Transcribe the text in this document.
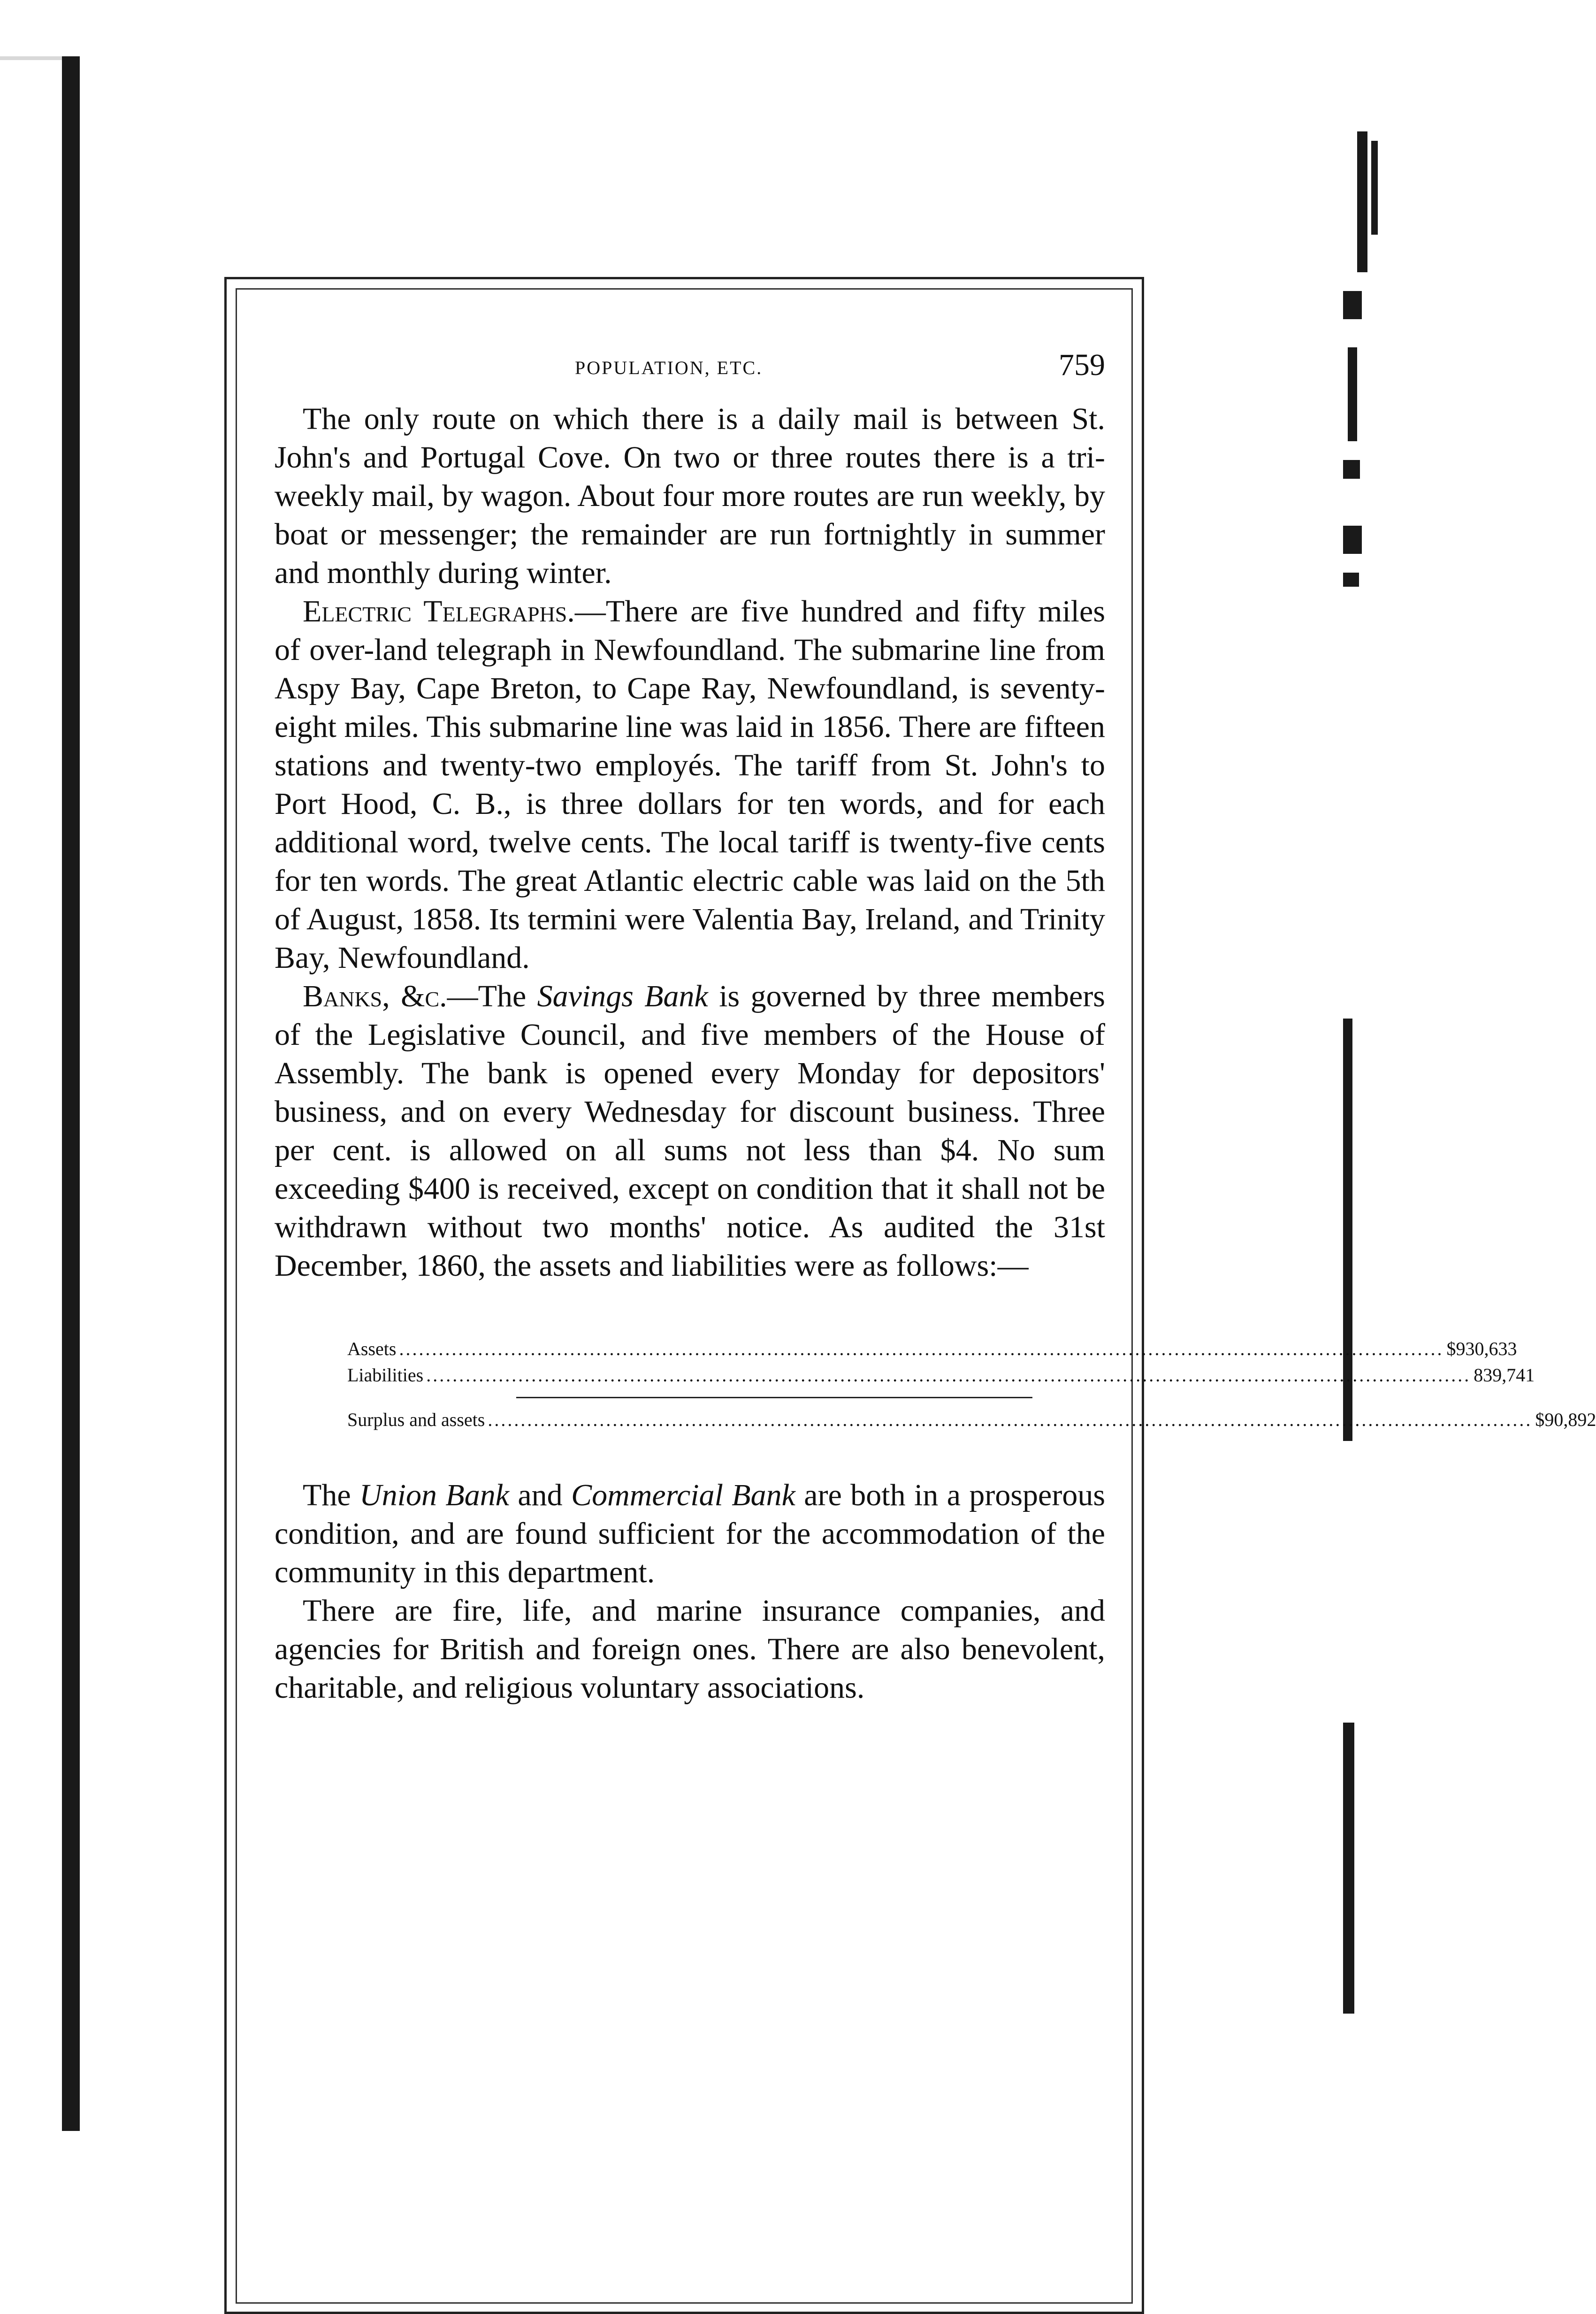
POPULATION, ETC.	759

The only route on which there is a daily mail is between St. John's and Portugal Cove. On two or three routes there is a tri-weekly mail, by wagon. About four more routes are run weekly, by boat or messenger; the remainder are run fortnightly in summer and monthly during winter.

Electric Telegraphs.—There are five hundred and fifty miles of over-land telegraph in Newfoundland. The submarine line from Aspy Bay, Cape Breton, to Cape Ray, Newfoundland, is seventy-eight miles. This submarine line was laid in 1856. There are fifteen stations and twenty-two employés. The tariff from St. John's to Port Hood, C. B., is three dollars for ten words, and for each additional word, twelve cents. The local tariff is twenty-five cents for ten words. The great Atlantic electric cable was laid on the 5th of August, 1858. Its termini were Valentia Bay, Ireland, and Trinity Bay, Newfoundland.

Banks, &c.—The Savings Bank is governed by three members of the Legislative Council, and five members of the House of Assembly. The bank is opened every Monday for depositors' business, and on every Wednesday for discount business. Three per cent. is allowed on all sums not less than $4. No sum exceeding $400 is received, except on condition that it shall not be withdrawn without two months' notice. As audited the 31st December, 1860, the assets and liabilities were as follows:—

Assets ............................................................................................................................................................... $930,633
Liabilities ............................................................................................................................................................... 839,741
Surplus and assets ............................................................................................................................................................... $90,892

The Union Bank and Commercial Bank are both in a prosperous condition, and are found sufficient for the accommodation of the community in this department.

There are fire, life, and marine insurance companies, and agencies for British and foreign ones. There are also benevolent, charitable, and religious voluntary associations.
